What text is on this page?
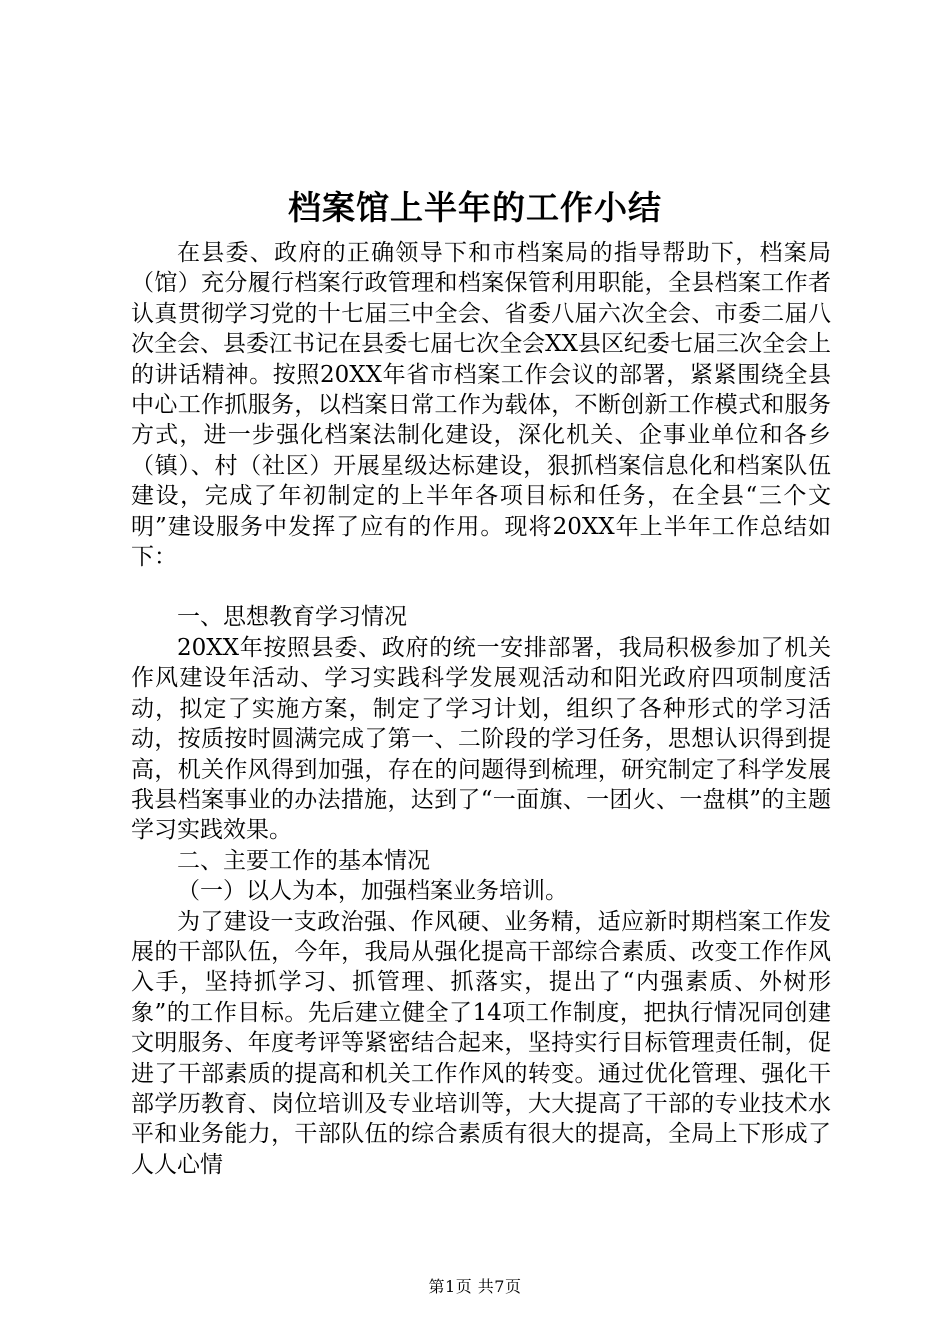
档案馆上半年的工作小结

在县委、政府的正确领导下和市档案局的指导帮助下，档案局（馆）充分履行档案行政管理和档案保管利用职能，全县档案工作者认真贯彻学习党的十七届三中全会、省委八届六次全会、市委二届八次全会、县委江书记在县委七届七次全会XX县区纪委七届三次全会上的讲话精神。按照20XX年省市档案工作会议的部署，紧紧围绕全县中心工作抓服务，以档案日常工作为载体，不断创新工作模式和服务方式，进一步强化档案法制化建设，深化机关、企事业单位和各乡（镇）、村（社区）开展星级达标建设，狠抓档案信息化和档案队伍建设，完成了年初制定的上半年各项目标和任务，在全县“三个文明”建设服务中发挥了应有的作用。现将20XX年上半年工作总结如下：

一、思想教育学习情况

20XX年按照县委、政府的统一安排部署，我局积极参加了机关作风建设年活动、学习实践科学发展观活动和阳光政府四项制度活动，拟定了实施方案，制定了学习计划，组织了各种形式的学习活动，按质按时圆满完成了第一、二阶段的学习任务，思想认识得到提高，机关作风得到加强，存在的问题得到梳理，研究制定了科学发展我县档案事业的办法措施，达到了“一面旗、一团火、一盘棋”的主题学习实践效果。

二、主要工作的基本情况

（一）以人为本，加强档案业务培训。

为了建设一支政治强、作风硬、业务精，适应新时期档案工作发展的干部队伍，今年，我局从强化提高干部综合素质、改变工作作风入手，坚持抓学习、抓管理、抓落实，提出了“内强素质、外树形象”的工作目标。先后建立健全了14项工作制度，把执行情况同创建文明服务、年度考评等紧密结合起来，坚持实行目标管理责任制，促进了干部素质的提高和机关工作作风的转变。通过优化管理、强化干部学历教育、岗位培训及专业培训等，大大提高了干部的专业技术水平和业务能力，干部队伍的综合素质有很大的提高，全局上下形成了人人心情

第1页 共7页
